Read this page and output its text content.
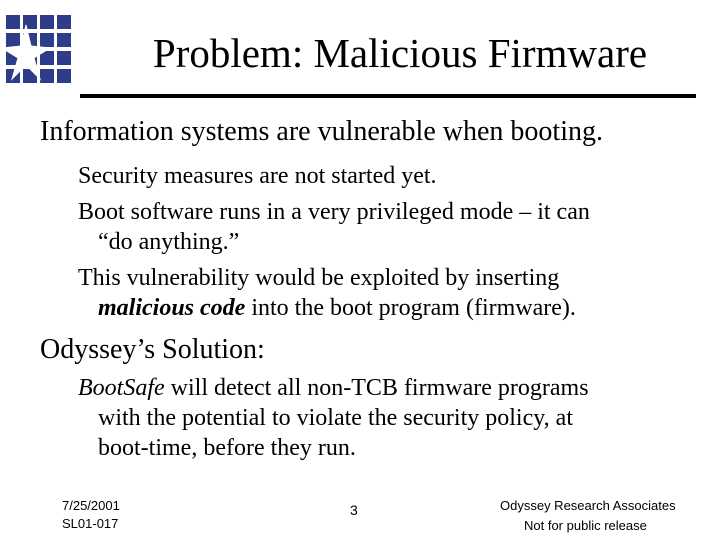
Problem: Malicious Firmware
Information systems are vulnerable when booting.
Security measures are not started yet.
Boot software runs in a very privileged mode – it can
“do anything.”
This vulnerability would be exploited by inserting
malicious code into the boot program (firmware).
Odyssey’s Solution:
BootSafe will detect all non-TCB firmware programs
with the potential to violate the security policy, at
boot-time, before they run.
7/25/2001
SL01-017
3	Odyssey Research Associates
Not for public release
